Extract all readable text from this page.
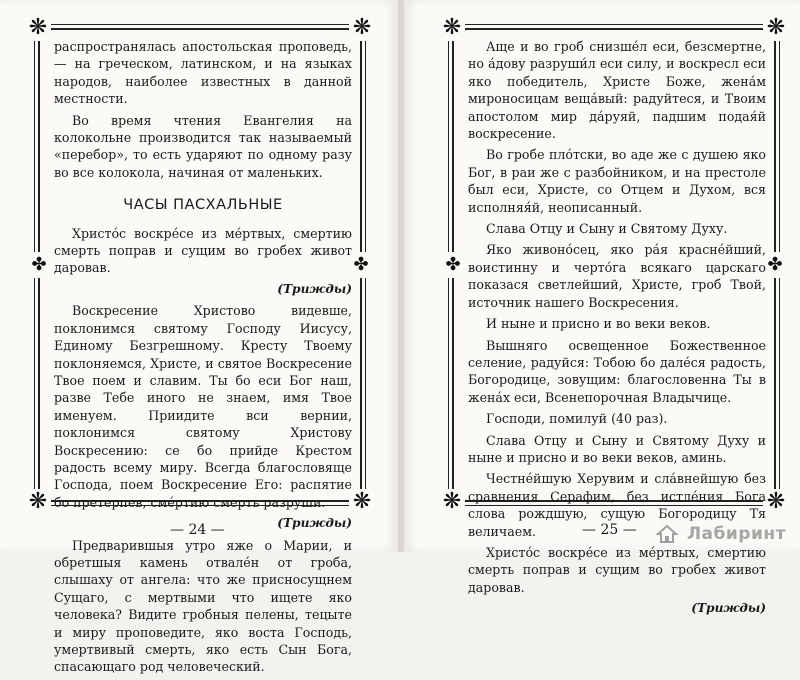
❋	❋
❋	❋
✤	✤

распространялась апостольская проповедь, — на греческом, латинском, и на языках народов, наиболее известных в данной местности.

Во время чтения Евангелия на колокольне производится так называемый «перебор», то есть ударяют по одному разу во все колокола, начиная от маленьких.

ЧАСЫ ПАСХАЛЬНЫЕ

Христо́с воскре́се из ме́ртвых, смертию смерть поправ и сущим во гробех живот даровав.

(Трижды)

Воскресение Христово видевше, поклонимся святому Господу Иисусу, Единому Безгрешному. Кресту Твоему поклоняемся, Христе, и святое Воскресение Твое поем и славим. Ты бо еси Бог наш, разве Тебе иного не знаем, имя Твое именуем. Приидите вси вернии, поклонимся святому Христову Воскресению: се бо прийде Крестом радость всему миру. Всегда благословяще Господа, поем Воскресение Его: распятие бо претерпев, сме́ртию смерть разруши.

(Трижды)

Предварившыя утро яже о Марии, и обретшыя камень отвале́н от гроба, слышаху от ангела: что же присносущнем Сущаго, с мертвыми что ищете яко человека? Видите гробныя пелены, тецыте и миру проповедите, яко воста Господь, умертвивый смерть, яко есть Сын Бога, спасающаго род человеческий.

— 24 —
❋	❋
❋	❋
✤	✤

Аще и во гроб снизше́л еси, безсмертне, но а́дову разруши́л еси силу, и воскресл еси яко победитель, Христе Боже, жена́м мироносицам веща́вый: радуйтеся, и Твоим апостолом мир да́руяй, падшим подая́й воскресение.

Во гробе пло́тски, во аде же с душею яко Бог, в раи же с разбойником, и на престоле был еси, Христе, со Отцем и Духом, вся исполняя́й, неописанный.

Слава Отцу и Сыну и Святому Духу.

Яко живоно́сец, яко ра́я красне́йший, воистинну и черто́га всякаго царскаго показася светлейший, Христе, гроб Твой, источник нашего Воскресения.

И ныне и присно и во веки веков.

Вышняго освещенное Божественное селение, радуйся: Тобою бо дале́ся радость, Богородице, зовущим: благословенна Ты в жена́х еси, Всенепорочная Владычице.

Господи, помилуй (40 раз).

Слава Отцу и Сыну и Святому Духу и ныне и присно и во веки веков, аминь.

Честне́йшую Херувим и сла́внейшую без сравнения Серафим, без истле́ния Бога слова рождшую, сущую Богородицу Тя величаем.

Христо́с воскре́се из ме́ртвых, смертию смерть поправ и сущим во гробех живот даровав.

(Трижды)
— 25 —	Лабиринт
